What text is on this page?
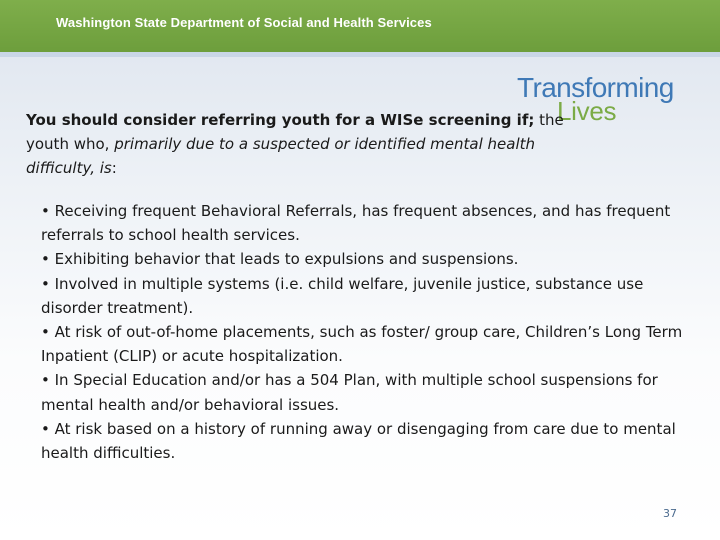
Washington State Department of Social and Health Services
Transforming
Lives

You should consider referring youth for a WISe screening if; the youth who, primarily due to a suspected or identified mental health difficulty, is:

• Receiving frequent Behavioral Referrals, has frequent absences, and has frequent referrals to school health services.
• Exhibiting behavior that leads to expulsions and suspensions.
• Involved in multiple systems (i.e. child welfare, juvenile justice, substance use disorder treatment).
• At risk of out-of-home placements, such as foster/ group care, Children’s Long Term Inpatient (CLIP) or acute hospitalization.
• In Special Education and/or has a 504 Plan, with multiple school suspensions for mental health and/or behavioral issues.
• At risk based on a history of running away or disengaging from care due to mental health difficulties.
37
